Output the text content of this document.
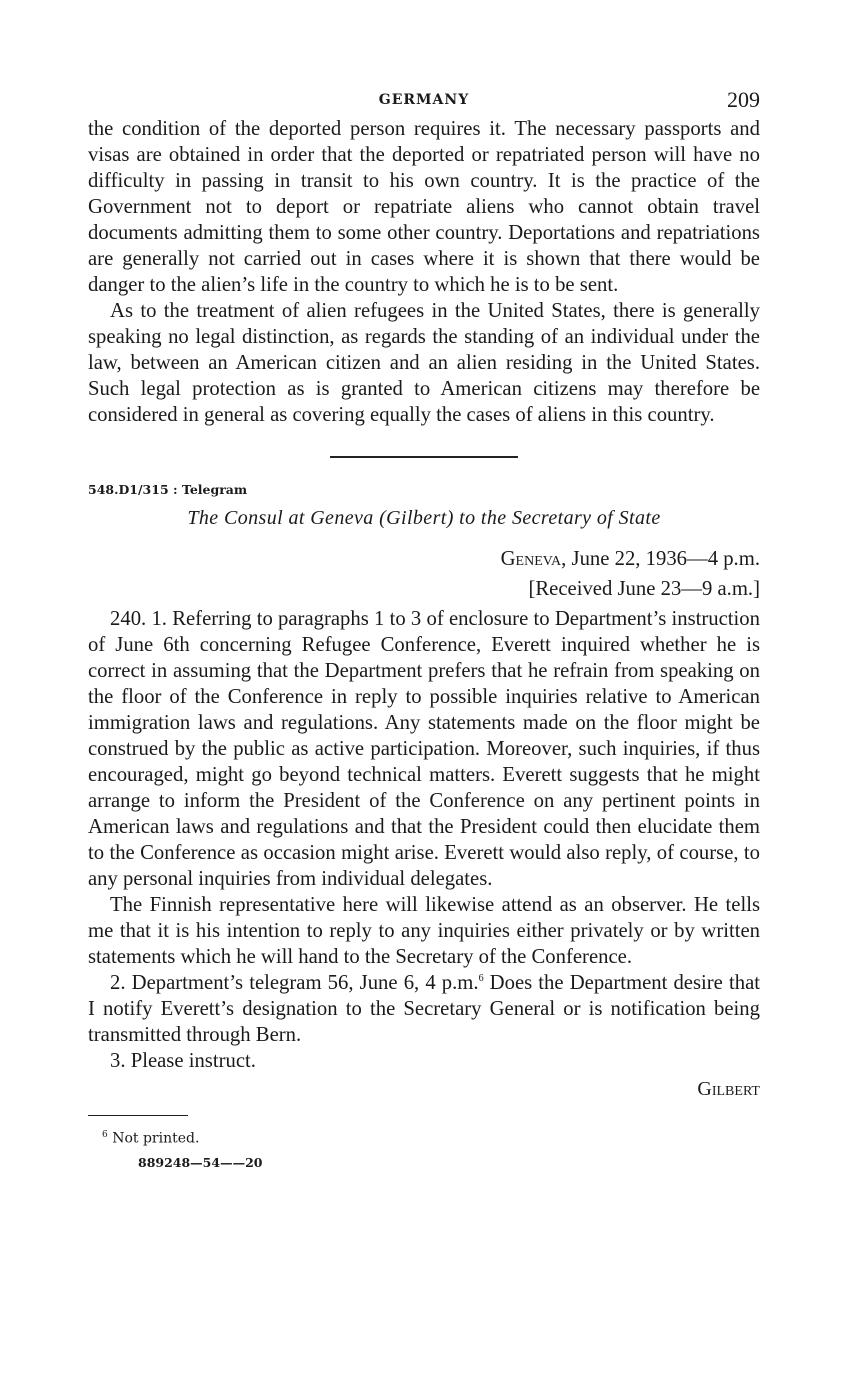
GERMANY	209

the condition of the deported person requires it. The necessary passports and visas are obtained in order that the deported or repatriated person will have no difficulty in passing in transit to his own country. It is the practice of the Government not to deport or repatriate aliens who cannot obtain travel documents admitting them to some other country. Deportations and repatriations are generally not carried out in cases where it is shown that there would be danger to the alien’s life in the country to which he is to be sent.

As to the treatment of alien refugees in the United States, there is generally speaking no legal distinction, as regards the standing of an individual under the law, between an American citizen and an alien residing in the United States. Such legal protection as is granted to American citizens may therefore be considered in general as covering equally the cases of aliens in this country.

548.D1/315 : Telegram

The Consul at Geneva (Gilbert) to the Secretary of State

Geneva, June 22, 1936—4 p.m.

[Received June 23—9 a.m.]

240. 1. Referring to paragraphs 1 to 3 of enclosure to Department’s instruction of June 6th concerning Refugee Conference, Everett inquired whether he is correct in assuming that the Department prefers that he refrain from speaking on the floor of the Conference in reply to possible inquiries relative to American immigration laws and regulations. Any statements made on the floor might be construed by the public as active participation. Moreover, such inquiries, if thus encouraged, might go beyond technical matters. Everett suggests that he might arrange to inform the President of the Conference on any pertinent points in American laws and regulations and that the President could then elucidate them to the Conference as occasion might arise. Everett would also reply, of course, to any personal inquiries from individual delegates.

The Finnish representative here will likewise attend as an observer. He tells me that it is his intention to reply to any inquiries either privately or by written statements which he will hand to the Secretary of the Conference.

2. Department’s telegram 56, June 6, 4 p.m.$^6$ Does the Department desire that I notify Everett’s designation to the Secretary General or is notification being transmitted through Bern.

3. Please instruct.

Gilbert

$^6$ Not printed.

889248—54——20
